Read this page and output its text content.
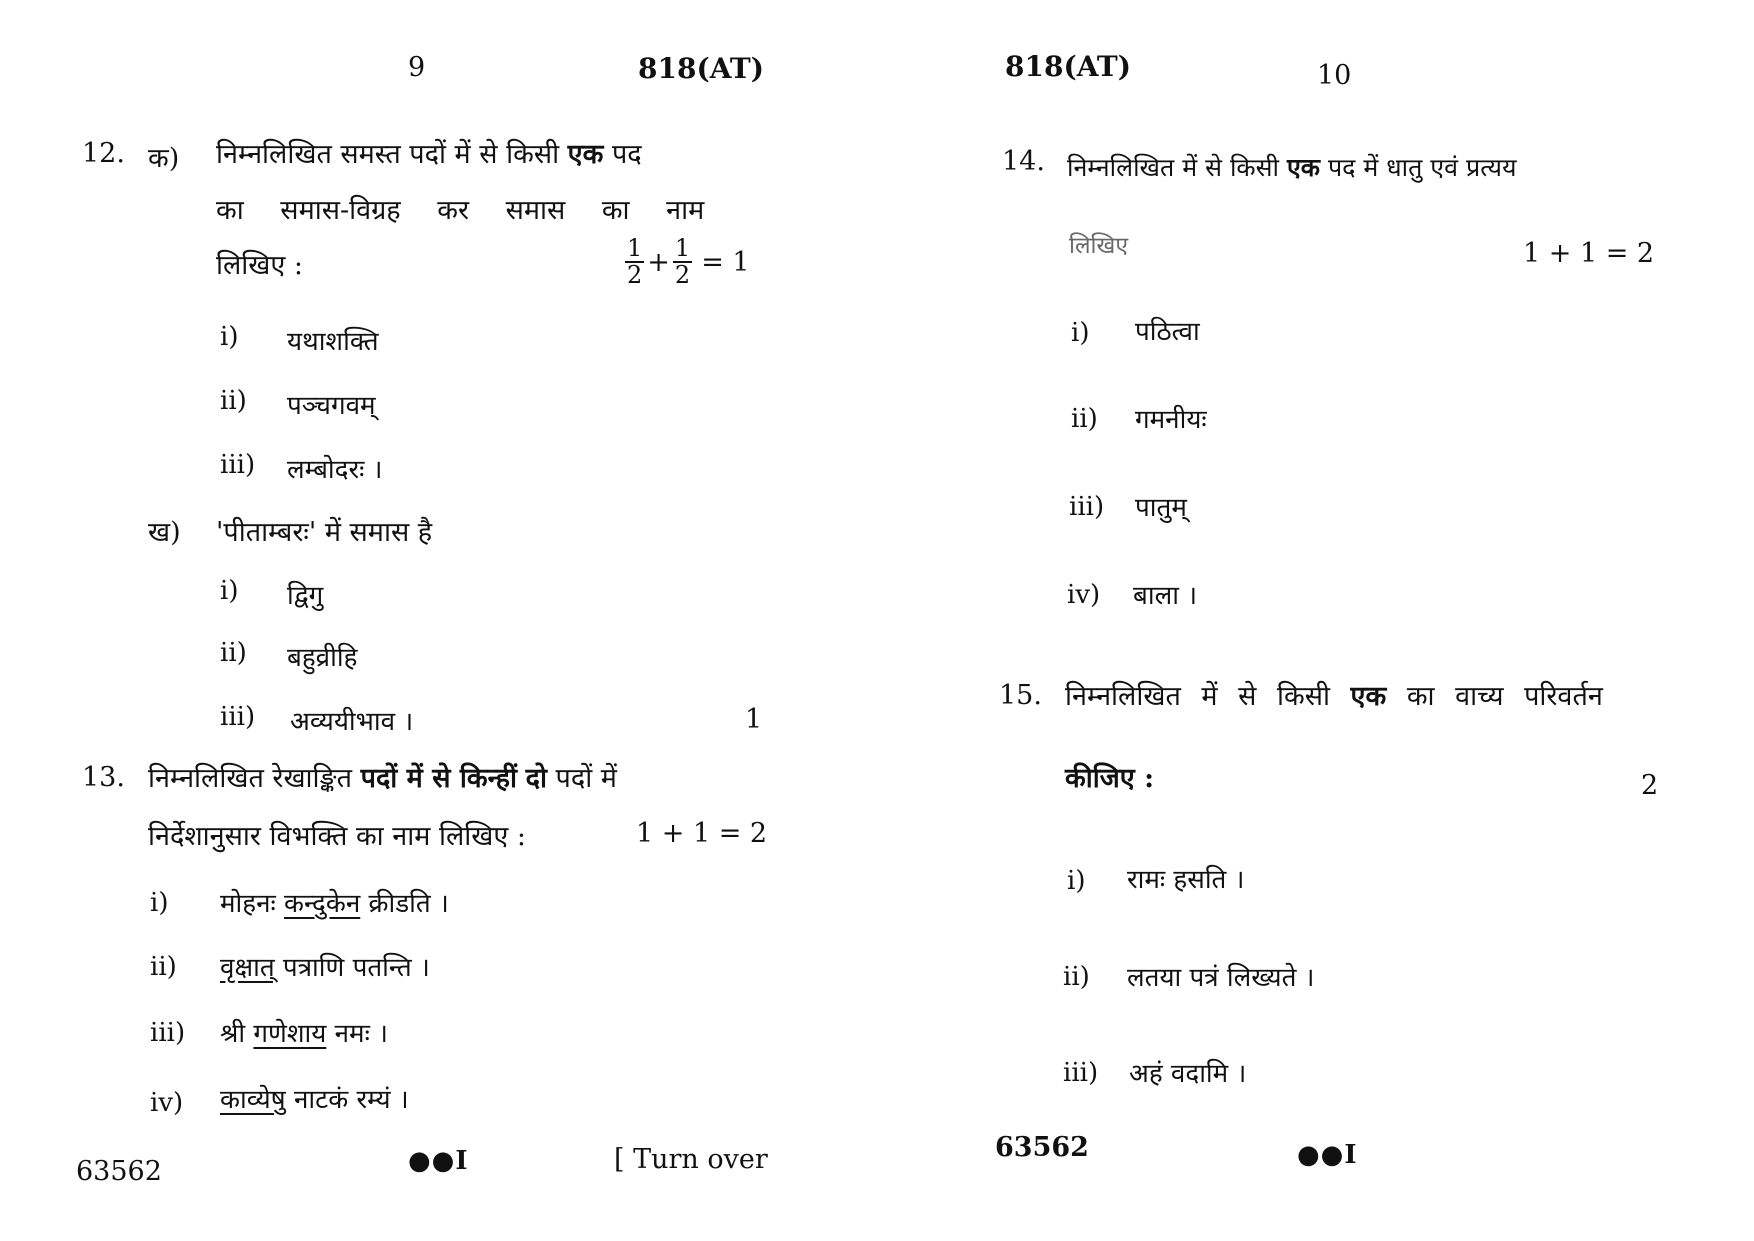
9	818(AT)
12. क) निम्नलिखित समस्त पदों में से किसी एक पद
का समास-विग्रह कर समास का नाम
लिखिए :	$\frac{1}{2} + \frac{1}{2} = 1$
i) यथाशक्ति
ii) पञ्चगवम्
iii) लम्बोदरः ।
ख) 'पीताम्बरः' में समास है
i) द्विगु
ii) बहुव्रीहि
iii) अव्ययीभाव ।	1
13. निम्नलिखित रेखाङ्कित पदों में से किन्हीं दो पदों में
निर्देशानुसार विभक्ति का नाम लिखिए :	1 + 1 = 2
i) मोहनः कन्दुकेन क्रीडति ।
ii) वृक्षात् पत्राणि पतन्ति ।
iii) श्री गणेशाय नमः ।
iv) काव्येषु नाटकं रम्यं ।
63562	●●I	[ Turn over
818(AT)	10
14. निम्नलिखित में से किसी एक पद में धातु एवं प्रत्यय
लिखिए	1 + 1 = 2
i) पठित्वा
ii) गमनीयः
iii) पातुम्
iv) बाला ।
15. निम्नलिखित में से किसी एक का वाच्य परिवर्तन
कीजिए :	2
i) रामः हसति ।
ii) लतया पत्रं लिख्यते ।
iii) अहं वदामि ।
63562	●●I
